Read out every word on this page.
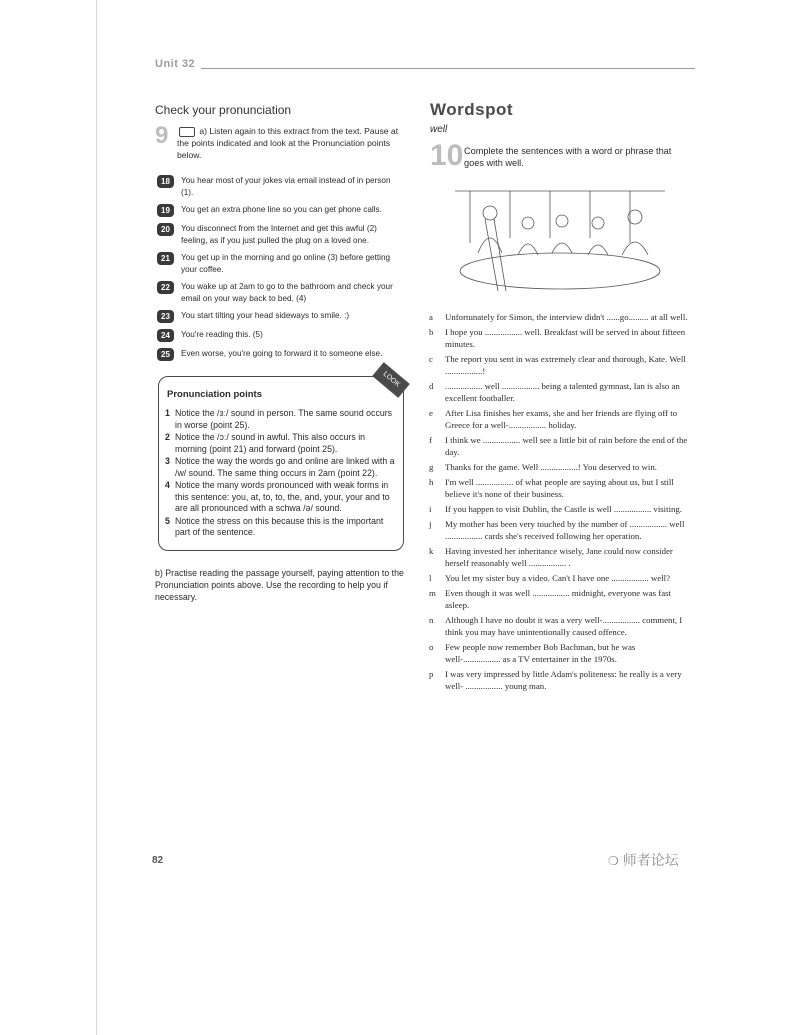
Unit 32
Check your pronunciation
9	a) Listen again to this extract from the text. Pause at the points indicated and look at the Pronunciation points below.
18	You hear most of your jokes via email instead of in person (1).
19	You get an extra phone line so you can get phone calls.
20	You disconnect from the Internet and get this awful (2) feeling, as if you just pulled the plug on a loved one.
21	You get up in the morning and go online (3) before getting your coffee.
22	You wake up at 2am to go to the bathroom and check your email on your way back to bed. (4)
23	You start tilting your head sideways to smile. :)
24	You're reading this. (5)
25	Even worse, you're going to forward it to someone else.
LOOK
Pronunciation points
1 Notice the /ɜː/ sound in person. The same sound occurs in worse (point 25).
2 Notice the /ɔː/ sound in awful. This also occurs in morning (point 21) and forward (point 25).
3 Notice the way the words go and online are linked with a /w/ sound. The same thing occurs in 2am (point 22).
4 Notice the many words pronounced with weak forms in this sentence: you, at, to, to, the, and, your, your and to are all pronounced with a schwa /ə/ sound.
5 Notice the stress on this because this is the important part of the sentence.
b) Practise reading the passage yourself, paying attention to the Pronunciation points above. Use the recording to help you if necessary.
Wordspot
well
10 Complete the sentences with a word or phrase that goes with well.
a Unfortunately for Simon, the interview didn't ......go......... at all well.
b I hope you ................. well. Breakfast will be served in about fifteen minutes.
c The report you sent in was extremely clear and thorough, Kate. Well .................!
d ................. well ................. being a talented gymnast, Ian is also an excellent footballer.
e After Lisa finishes her exams, she and her friends are flying off to Greece for a well-................. holiday.
f I think we ................. well see a little bit of rain before the end of the day.
g Thanks for the game. Well .................! You deserved to win.
h I'm well ................. of what people are saying about us, but I still believe it's none of their business.
i If you happen to visit Dublin, the Castle is well ................. visiting.
j My mother has been very touched by the number of ................. well ................. cards she's received following her operation.
k Having invested her inheritance wisely, Jane could now consider herself reasonably well ................. .
l You let my sister buy a video. Can't I have one ................. well?
m Even though it was well ................. midnight, everyone was fast asleep.
n Although I have no doubt it was a very well-................. comment, I think you may have unintentionally caused offence.
o Few people now remember Bob Bachman, but he was well-................. as a TV entertainer in the 1970s.
p I was very impressed by little Adam's politeness: he really is a very well- ................. young man.
82	❍ 师者论坛
